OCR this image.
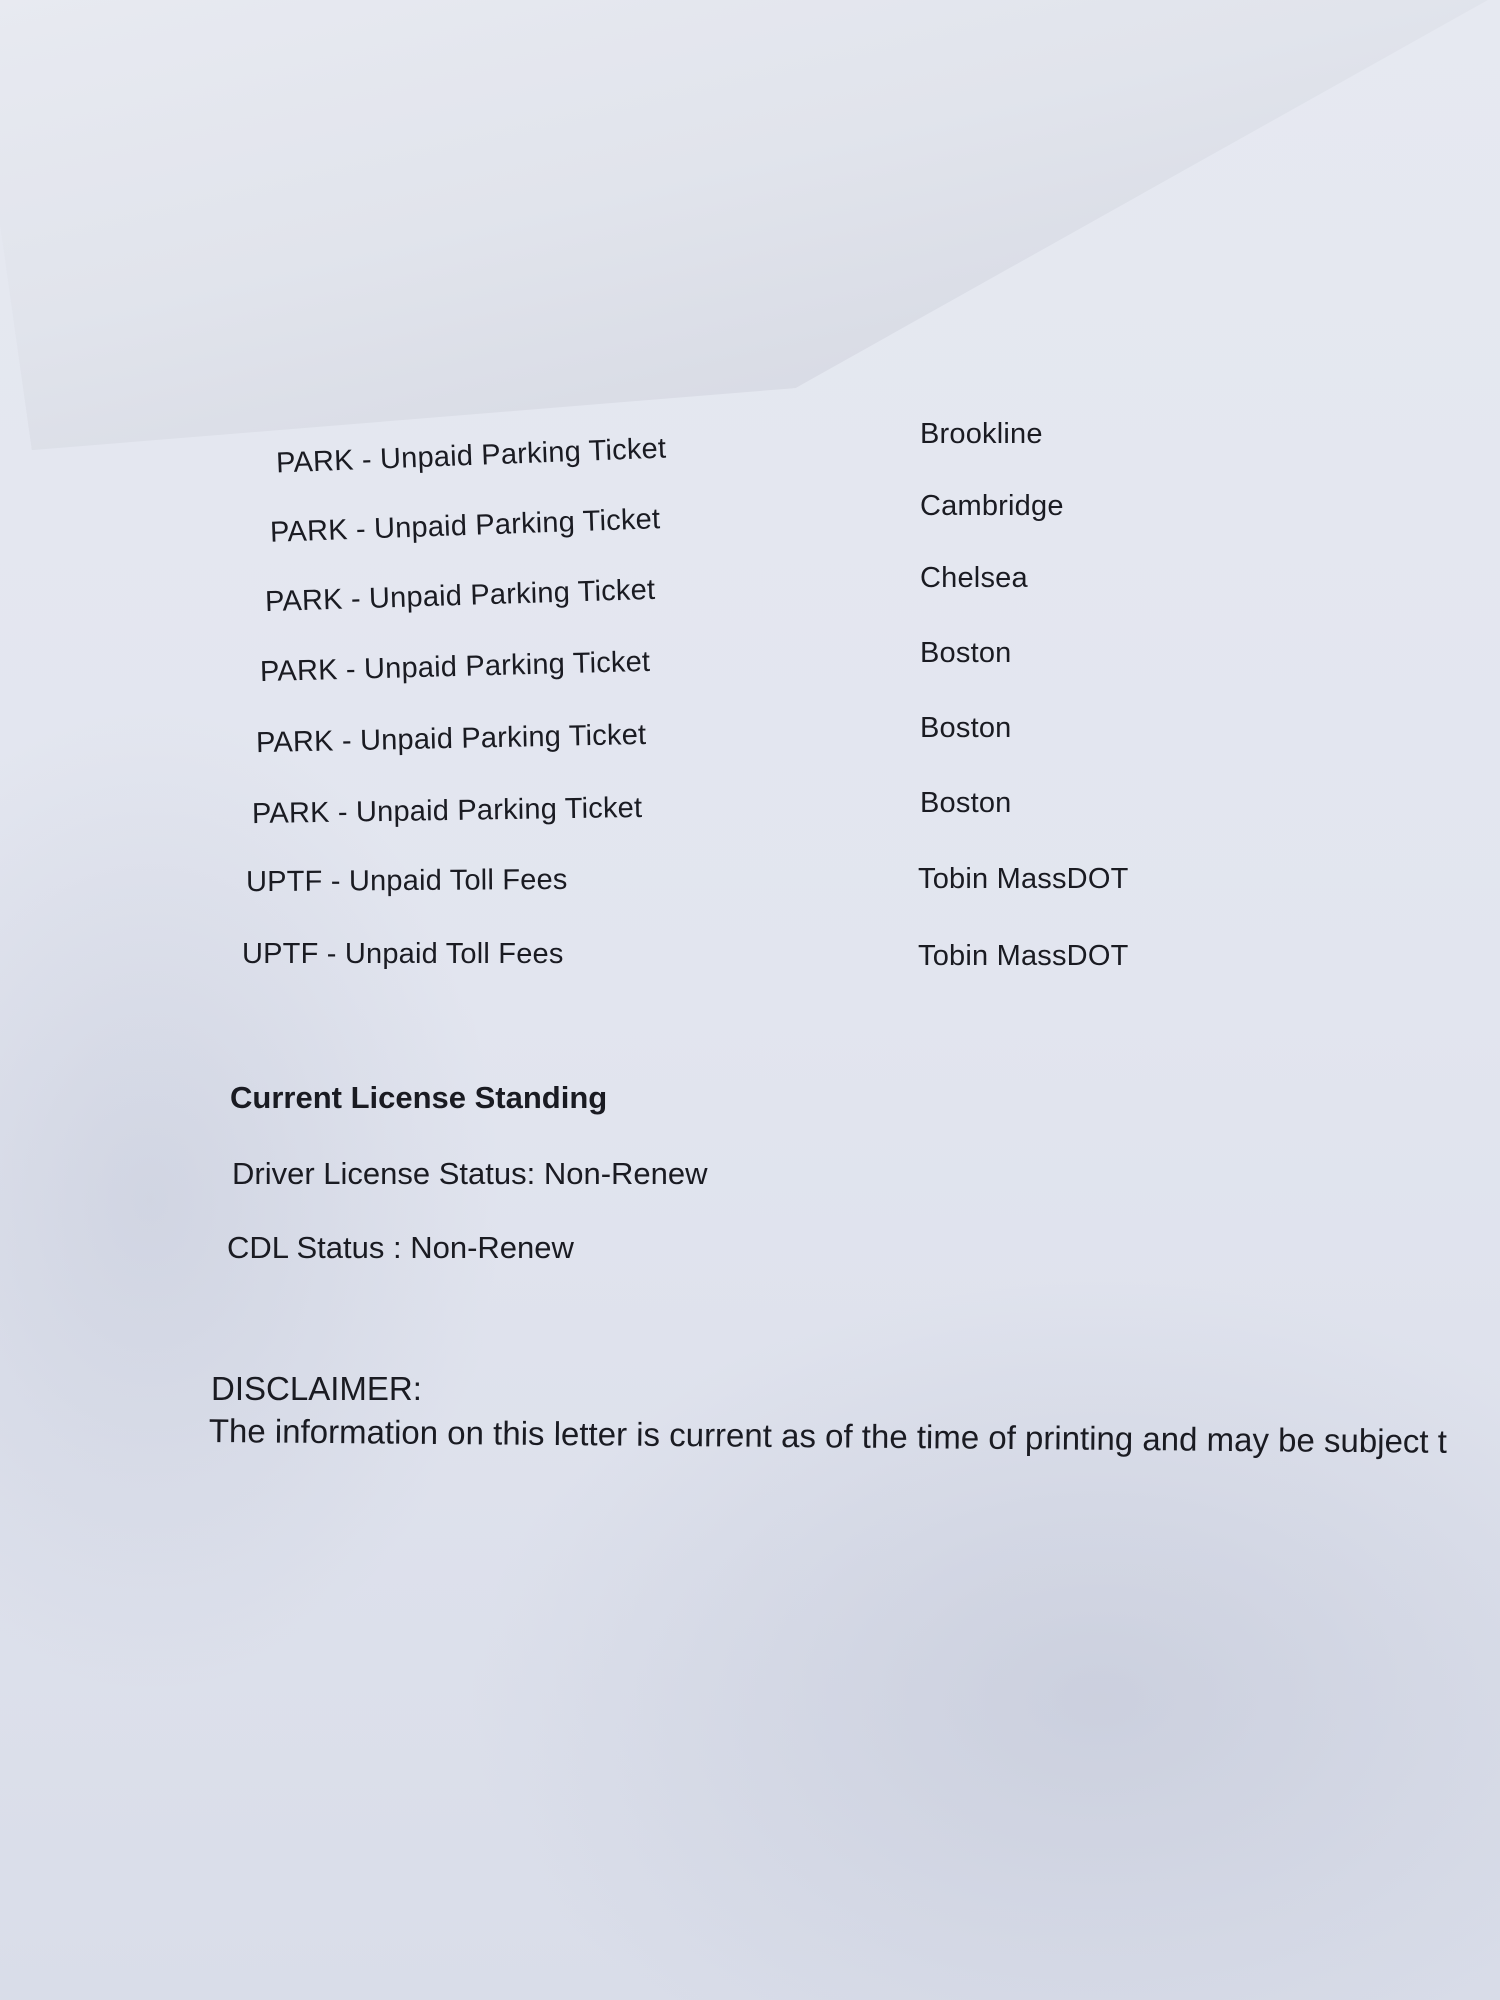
PARK - Unpaid Parking Ticket	Brookline
PARK - Unpaid Parking Ticket	Cambridge
PARK - Unpaid Parking Ticket	Chelsea
PARK - Unpaid Parking Ticket	Boston
PARK - Unpaid Parking Ticket	Boston
PARK - Unpaid Parking Ticket	Boston
UPTF - Unpaid Toll Fees	Tobin MassDOT
UPTF - Unpaid Toll Fees	Tobin MassDOT
Current License Standing
Driver License Status: Non-Renew
CDL Status : Non-Renew
DISCLAIMER:
The information on this letter is current as of the time of printing and may be subject t
